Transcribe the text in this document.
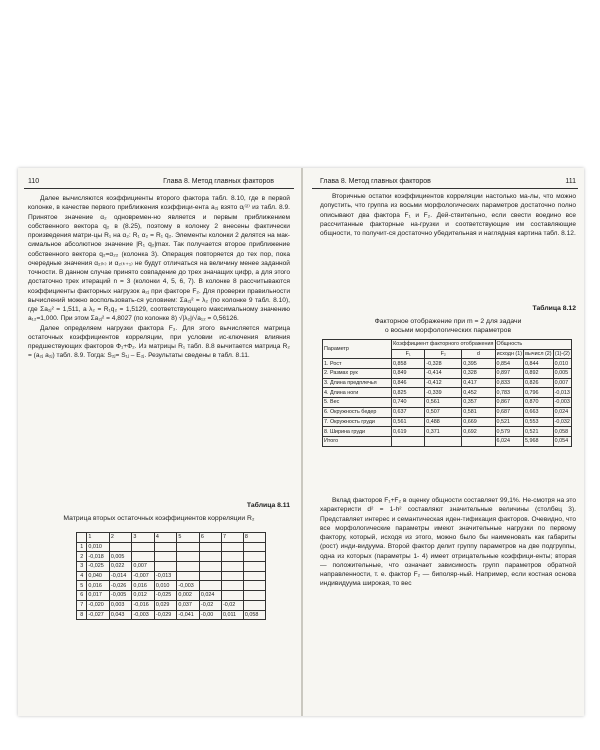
110	Глава 8. Метод главных факторов

Далее вычисляются коэффициенты второго фактора табл. 8.10, где в первой колонке, в качестве первого приближения коэффици-ента a₂ⱼ взято αⱼ⁽²⁾ из табл. 8.9. Принятое значение α₂ одновремен-но является и первым приближением собственного вектора q₂ в (8.25), поэтому в колонку 2 внесены фактически произведения матри-цы R₁ на α₂: R₁ α₂ = R₁ q₂. Элементы колонки 2 делятся на мак-симальное абсолютное значение |R₁ q₂|max. Так получается второе приближение собственного вектора q₂=α₂₂ (колонка 3). Операция повторяется до тех пор, пока очередные значения α₂₍ₖ₎ и α₂₍ₖ₊₁₎ не будут отличаться на величину менее заданной точности. В данном случае принято совпадение до трех значащих цифр, а для этого достаточно трех итераций n = 3 (колонки 4, 5, 6, 7). В колонке 8 рассчитываются коэффициенты факторных нагрузок a₂ⱼ при факторе F₂. Для проверки правильности вычислений можно воспользовать-ся условием: Σa₂ⱼ² = λ₂ (по колонке 9 табл. 8.10), где Σa₂ⱼ² = 1,511, а λ₂ = R₁q₂ = 1,5129, соответствующего максимальному значению a₁₂=1,000. При этом Σa₂ⱼ² = 4,8027 (по колонке 8) √|λ₂|/√a₁₂ = 0,56126.

Далее определяем нагрузки фактора F₃. Для этого вычисляется матрица остаточных коэффициентов корреляции, при условии ис-ключения влияния предшествующих факторов Ф₁+Ф₂. Из матрицы R₁ табл. 8.8 вычитается матрица R₂ = (a₂ⱼ a₂ⱼ) табл. 8.9. Тогда: S₂ⱼ= S₁ⱼ – E₂ⱼ. Результаты сведены в табл. 8.11.

Таблица 8.11
Матрица вторых остаточных коэффициентов корреляции R₂
	1	2	3	4	5	6	7	8
1	0,010							
2	-0,018	0,005						
3	-0,025	0,022	0,007					
4	0,040	-0,014	-0,007	-0,013				
5	0,016	-0,026	0,016	0,010	-0,003			
6	0,017	-0,005	0,012	-0,025	0,002	0,024		
7	-0,020	0,003	-0,016	0,029	0,037	-0,02	-0,02	
8	-0,027	0,043	-0,003	-0,029	-0,041	-0,00	0,011	0,058
Глава 8. Метод главных факторов	111

Вторичные остатки коэффициентов корреляции настолько ма-лы, что можно допустить, что группа из восьми морфологических параметров достаточно полно описывают два фактора F₁ и F₂. Дей-ствительно, если свести воедино все рассчитанные факторные на-грузки и соответствующие им составляющие общности, то получит-ся достаточно убедительная и наглядная картина табл. 8.12.

Таблица 8.12
Факторное отображение при m = 2 для задачи
о восьми морфологических параметров
Параметр	Коэффициент факторного отображения			Общность		
	F₁	F₂	d	исходн (1)	вычисл (2)	(1)-(2)
1. Рост	0,858	-0,328	0,395	0,854	0,844	0,010
2. Размах рук	0,849	-0,414	0,328	0,897	0,892	0,005
3. Длина предплечья	0,846	-0,412	0,417	0,833	0,826	0,007
4. Длина ноги	0,825	-0,339	0,452	0,783	0,796	-0,013
5. Вес	0,740	0,561	0,357	0,867	0,870	-0,003
6. Окружность бедер	0,637	0,507	0,581	0,687	0,663	0,024
7. Окружность груди	0,561	0,488	0,669	0,521	0,553	-0,032
8. Ширина груди	0,619	0,371	0,692	0,579	0,521	0,058
Итого				6,024	5,968	0,054

Вклад факторов F₁+F₂ в оценку общности составляет 99,1%. Не-смотря на это характеристи d² = 1-h² составляют значительные величины (столбец 3). Представляет интерес и семантическая иден-тификация факторов. Очевидно, что все морфологические параметры имеют значительные нагрузки по первому фактору, который, исходя из этого, можно было бы наименовать как габариты (рост) инди-видуума. Второй фактор делит группу параметров на две подгруппы, одна из которых (параметры 1- 4) имеет отрицательные коэффици-енты; вторая — положительные, что означает зависимость групп параметров обратной направленности, т. е. фактор F₂ — биполяр-ный. Например, если костная основа индивидуума широкая, то вес
